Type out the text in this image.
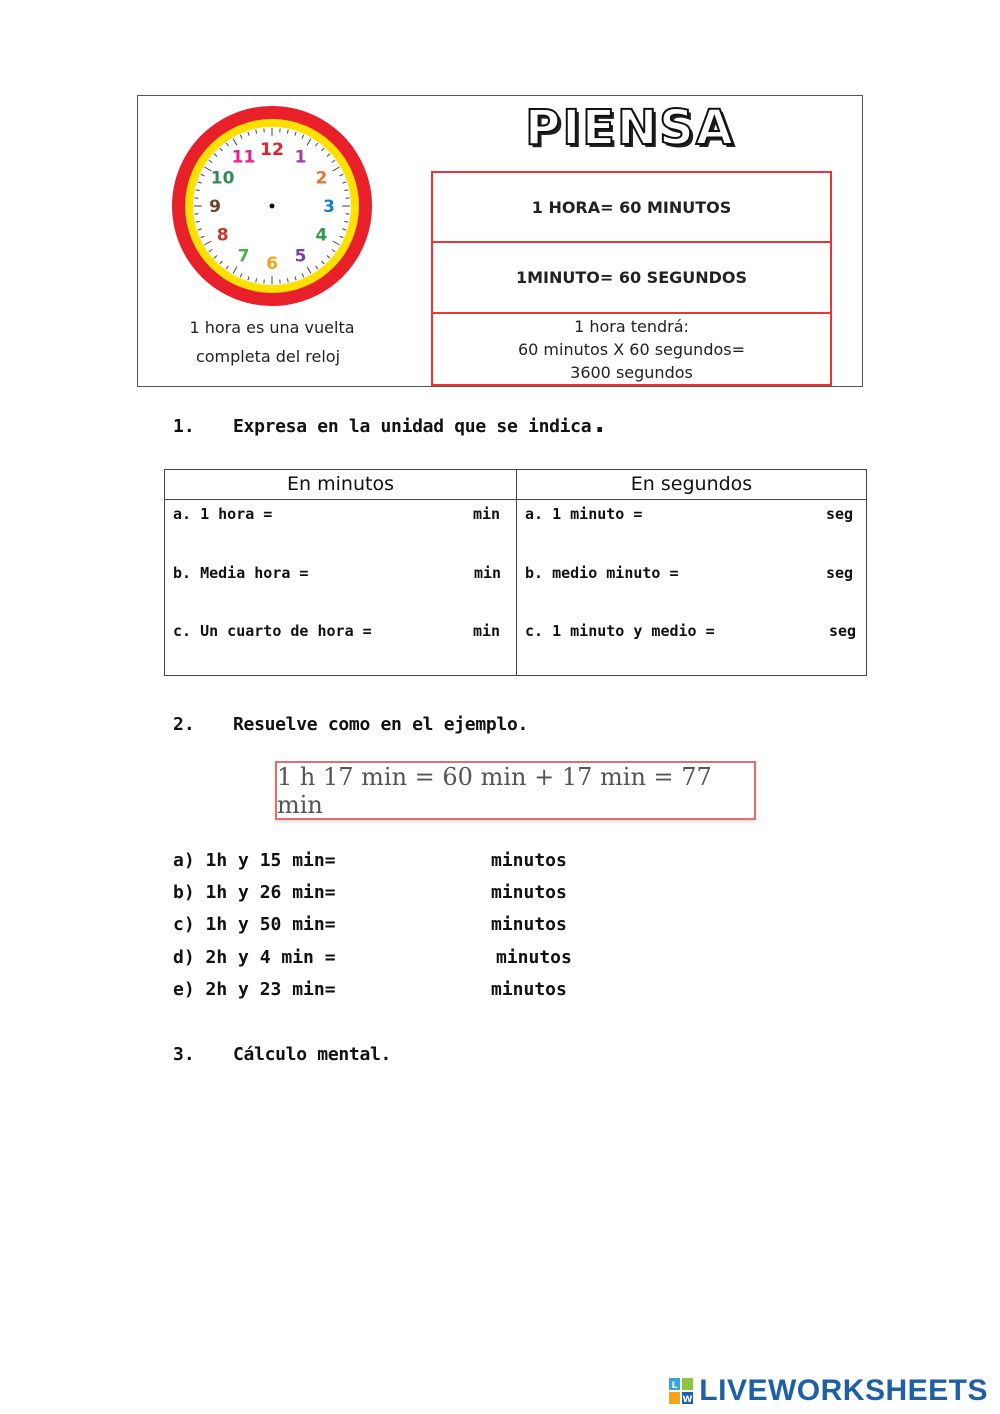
12 1
2
3
4
5
6
7
8
9
10
11
1 hora es una vuelta
completa del reloj
PIENSA
1 HORA= 60 MINUTOS
1MINUTO= 60 SEGUNDOS
1 hora tendrá:
60 minutos X 60 segundos=
3600 segundos
1. Expresa en la unidad que se indica.
En minutos	En segundos
a. 1 hora =	min
b. Media hora =	min
c. Un cuarto de hora =	min
a. 1 minuto =	seg
b. medio minuto =	seg
c. 1 minuto y medio =	seg
2. Resuelve como en el ejemplo.
1 h 17 min = 60 min + 17 min = 77 min
a) 1h y 15 min=	minutos
b) 1h y 26 min=	minutos
c) 1h y 50 min=	minutos
d) 2h y 4 min =	minutos
e) 2h y 23 min=	minutos
3. Cálculo mental.
L
W LIVEWORKSHEETS
